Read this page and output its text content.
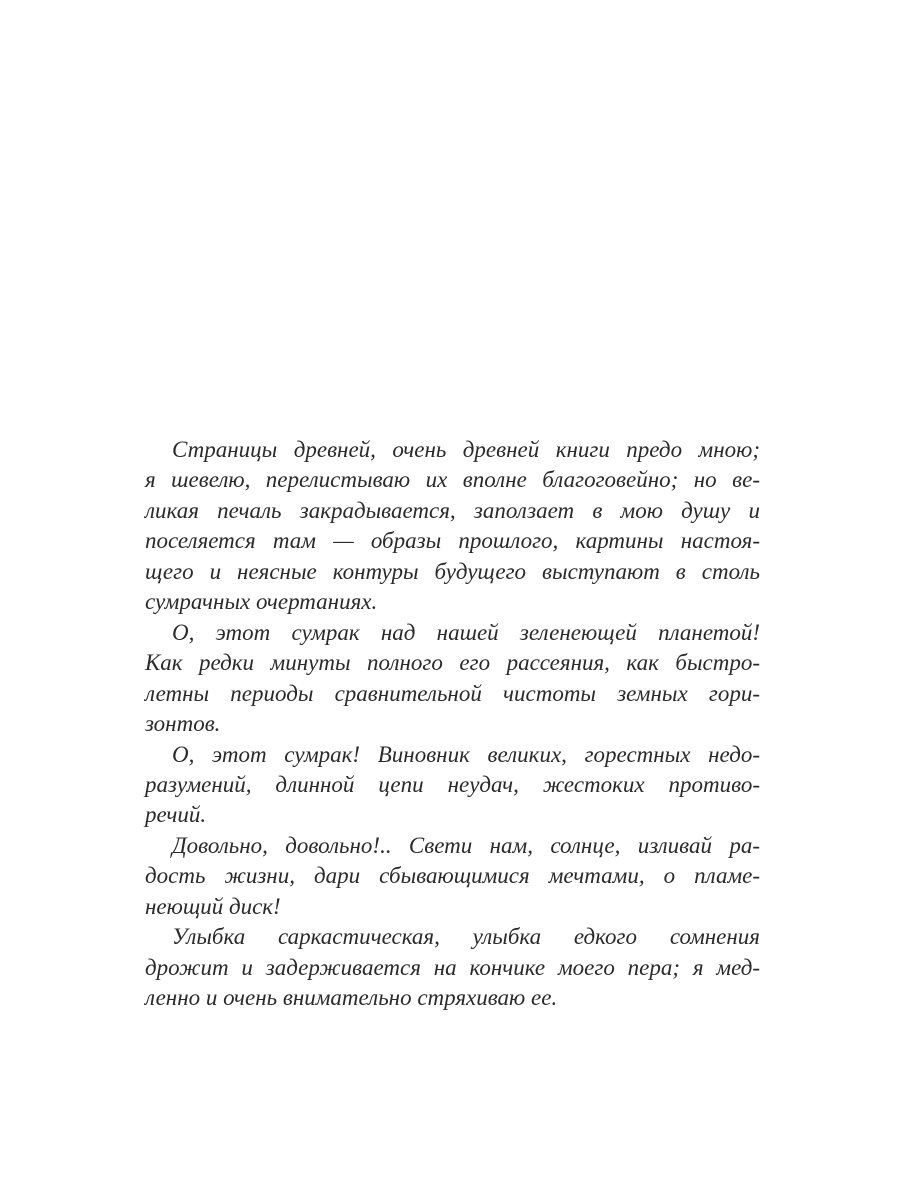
Страницы древней, очень древней книги предо мною;
я шевелю, перелистываю их вполне благоговейно; но ве-
ликая печаль закрадывается, заползает в мою душу и
поселяется там — образы прошлого, картины настоя-
щего и неясные контуры будущего выступают в столь
сумрачных очертаниях.
О, этот сумрак над нашей зеленеющей планетой!
Как редки минуты полного его рассеяния, как быстро-
летны периоды сравнительной чистоты земных гори-
зонтов.
О, этот сумрак! Виновник великих, горестных недо-
разумений, длинной цепи неудач, жестоких противо-
речий.
Довольно, довольно!.. Свети нам, солнце, изливай ра-
дость жизни, дари сбывающимися мечтами, о пламе-
неющий диск!
Улыбка саркастическая, улыбка едкого сомнения
дрожит и задерживается на кончике моего пера; я мед-
ленно и очень внимательно стряхиваю ее.
